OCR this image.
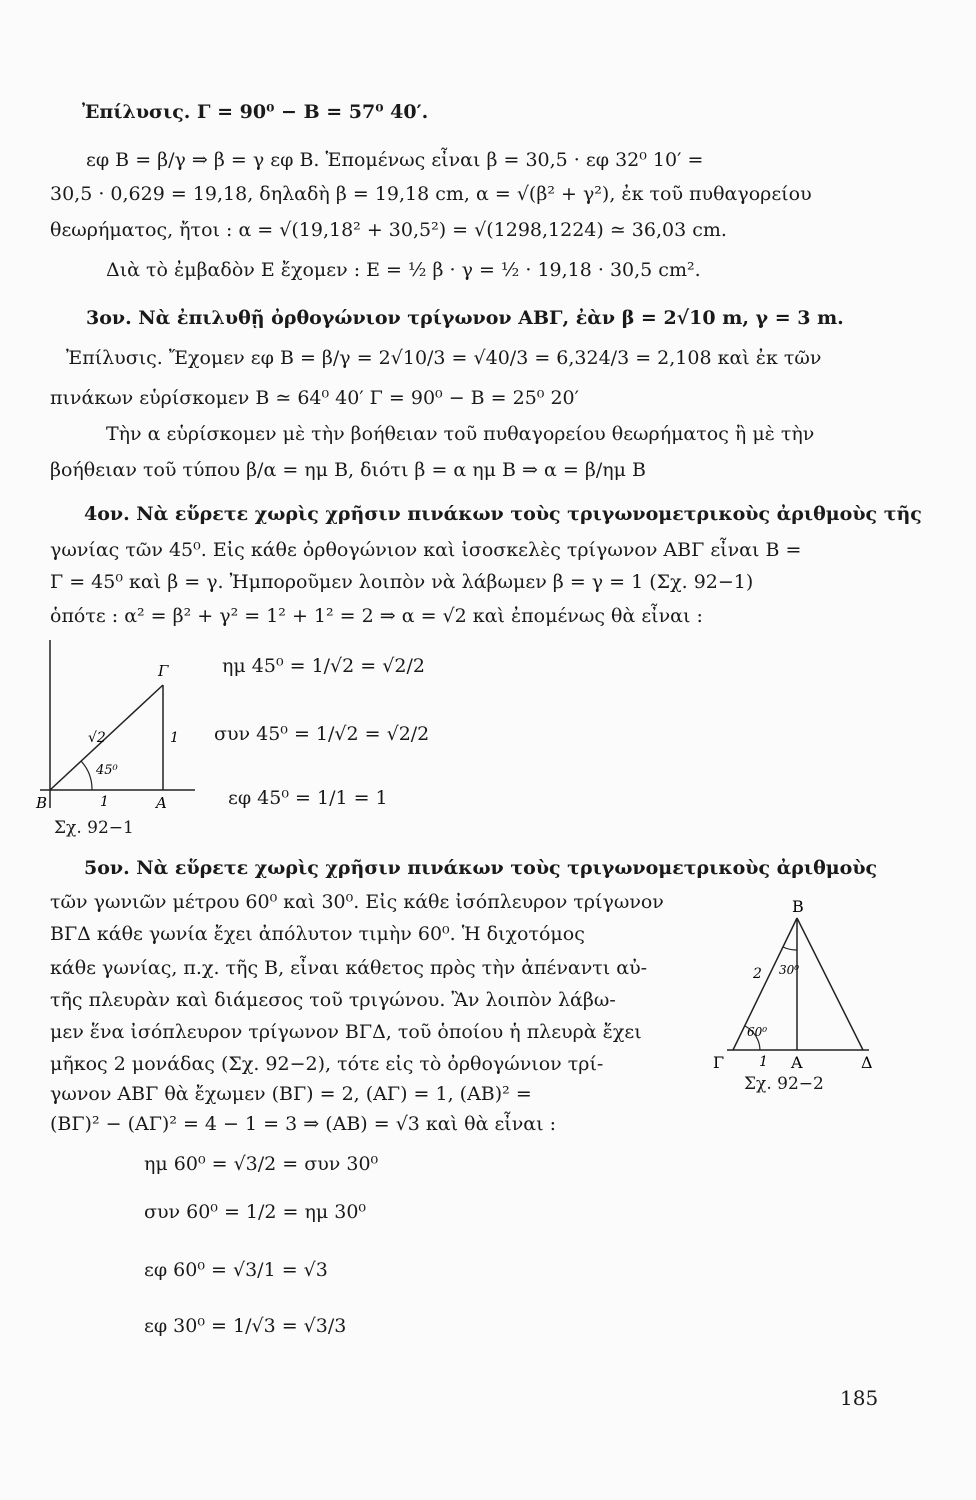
Ἐπίλυσις. Γ = 90⁰ − Β = 57⁰ 40′.
εφ Β = β/γ ⇒ β = γ εφ Β. Ἑπομένως εἶναι β = 30,5 · εφ 32⁰ 10′ =
30,5 · 0,629 = 19,18, δηλαδὴ β = 19,18 cm, α = √(β² + γ²), ἐκ τοῦ πυθαγορείου
θεωρήματος, ἤτοι : α = √(19,18² + 30,5²) = √(1298,1224) ≃ 36,03 cm.
Διὰ τὸ ἐμβαδὸν Ε ἔχομεν : Ε = ½ β · γ = ½ · 19,18 · 30,5 cm².
3ον. Νὰ ἐπιλυθῇ ὀρθογώνιον τρίγωνον ΑΒΓ, ἐὰν β = 2√10 m, γ = 3 m.
Ἐπίλυσις. Ἔχομεν εφ Β = β/γ = 2√10/3 = √40/3 = 6,324/3 = 2,108 καὶ ἐκ τῶν
πινάκων εὑρίσκομεν Β ≃ 64⁰ 40′ Γ = 90⁰ − Β = 25⁰ 20′
Τὴν α εὑρίσκομεν μὲ τὴν βοήθειαν τοῦ πυθαγορείου θεωρήματος ἢ μὲ τὴν
βοήθειαν τοῦ τύπου β/α = ημ Β, διότι β = α ημ Β ⇒ α = β/ημ Β
4ον. Νὰ εὕρετε χωρὶς χρῆσιν πινάκων τοὺς τριγωνομετρικοὺς ἀριθμοὺς τῆς
γωνίας τῶν 45⁰. Εἰς κάθε ὀρθογώνιον καὶ ἰσοσκελὲς τρίγωνον ΑΒΓ εἶναι Β =
Γ = 45⁰ καὶ β = γ. Ἠμποροῦμεν λοιπὸν νὰ λάβωμεν β = γ = 1 (Σχ. 92−1)
ὁπότε : α² = β² + γ² = 1² + 1² = 2 ⇒ α = √2 καὶ ἐπομένως θὰ εἶναι :
ημ 45⁰ = 1/√2 = √2/2
συν 45⁰ = 1/√2 = √2/2
εφ 45⁰ = 1/1 = 1
5ον. Νὰ εὕρετε χωρὶς χρῆσιν πινάκων τοὺς τριγωνομετρικοὺς ἀριθμοὺς
τῶν γωνιῶν μέτρου 60⁰ καὶ 30⁰. Εἰς κάθε ἰσόπλευρον τρίγωνον
ΒΓΔ κάθε γωνία ἔχει ἀπόλυτον τιμὴν 60⁰. Ἡ διχοτόμος
κάθε γωνίας, π.χ. τῆς Β, εἶναι κάθετος πρὸς τὴν ἀπέναντι αὐ-
τῆς πλευρὰν καὶ διάμεσος τοῦ τριγώνου. Ἂν λοιπὸν λάβω-
μεν ἕνα ἰσόπλευρον τρίγωνον ΒΓΔ, τοῦ ὁποίου ἡ πλευρὰ ἔχει
μῆκος 2 μονάδας (Σχ. 92−2), τότε εἰς τὸ ὀρθογώνιον τρί-
γωνον ΑΒΓ θὰ ἔχωμεν (ΒΓ) = 2, (ΑΓ) = 1, (ΑΒ)² =
(ΒΓ)² − (ΑΓ)² = 4 − 1 = 3 ⇒ (ΑΒ) = √3 καὶ θὰ εἶναι :
ημ 60⁰ = √3/2 = συν 30⁰
συν 60⁰ = 1/2 = ημ 30⁰
εφ 60⁰ = √3/1 = √3
εφ 30⁰ = 1/√3 = √3/3
Β	Α
Γ
√2	1
1
45⁰
Σχ. 92−1
Β
Γ	Α	Δ
2
1
30⁰
60⁰
Σχ. 92−2
185
